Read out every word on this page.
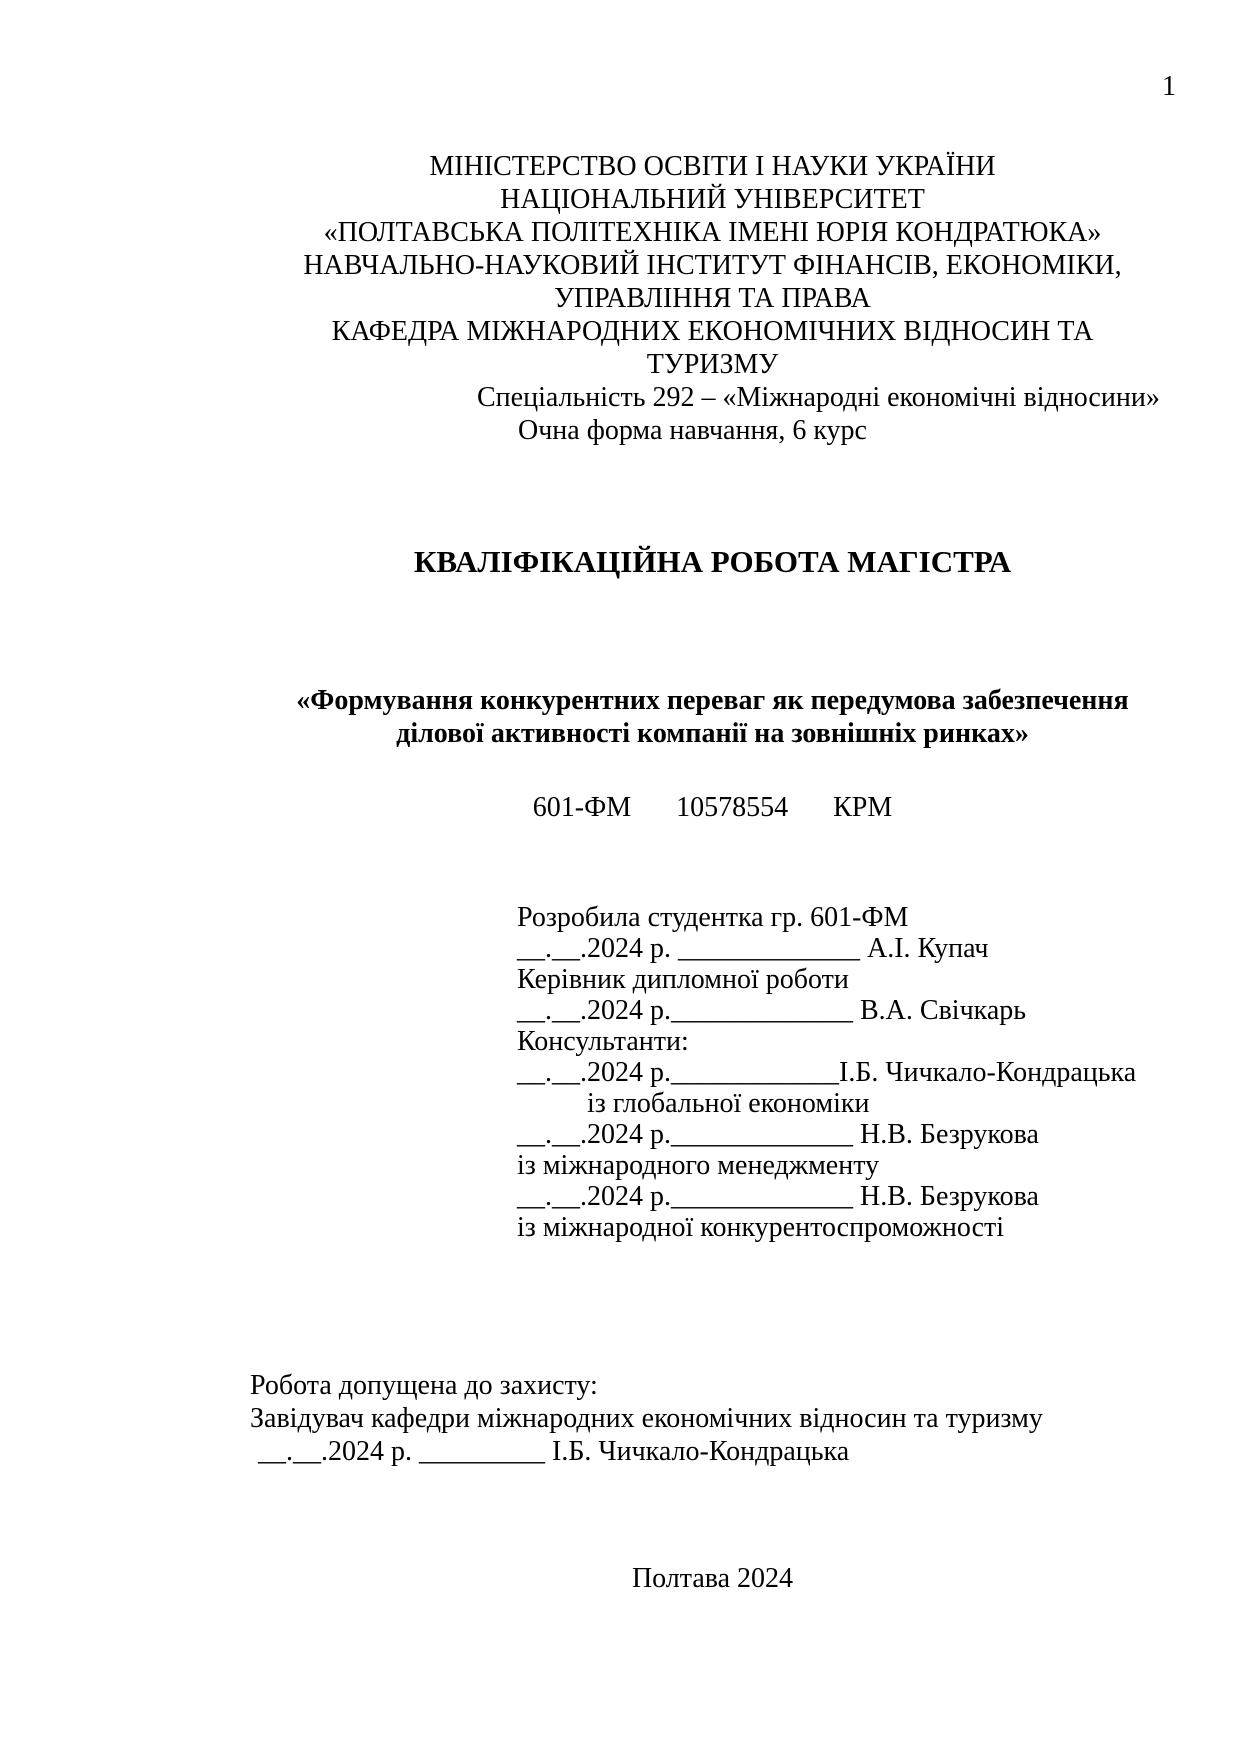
1
МІНІСТЕРСТВО ОСВІТИ І НАУКИ УКРАЇНИ
НАЦІОНАЛЬНИЙ УНІВЕРСИТЕТ
«ПОЛТАВСЬКА ПОЛІТЕХНІКА ІМЕНІ ЮРІЯ КОНДРАТЮКА»
НАВЧАЛЬНО-НАУКОВИЙ ІНСТИТУТ ФІНАНСІВ, ЕКОНОМІКИ,
УПРАВЛІННЯ ТА ПРАВА
КАФЕДРА МІЖНАРОДНИХ ЕКОНОМІЧНИХ ВІДНОСИН ТА
ТУРИЗМУ
Спеціальність 292 – «Міжнародні економічні відносини»
Очна форма навчання, 6 курс
КВАЛІФІКАЦІЙНА РОБОТА МАГІСТРА
«Формування конкурентних переваг як передумова забезпечення
ділової активності компанії на зовнішніх ринках»
601-ФМ 10578554 КРМ
Розробила студентка гр. 601-ФМ
__.__.2024 р. _____________ А.І. Купач
Керівник дипломної роботи
__.__.2024 р._____________ В.А. Свічкарь
Консультанти:
__.__.2024 р.____________І.Б. Чичкало-Кондрацька
із глобальної економіки
__.__.2024 р._____________ Н.В. Безрукова
із міжнародного менеджменту
__.__.2024 р._____________ Н.В. Безрукова
із міжнародної конкурентоспроможності
Робота допущена до захисту:
Завідувач кафедри міжнародних економічних відносин та туризму
__.__.2024 р. _________ І.Б. Чичкало-Кондрацька
Полтава 2024
